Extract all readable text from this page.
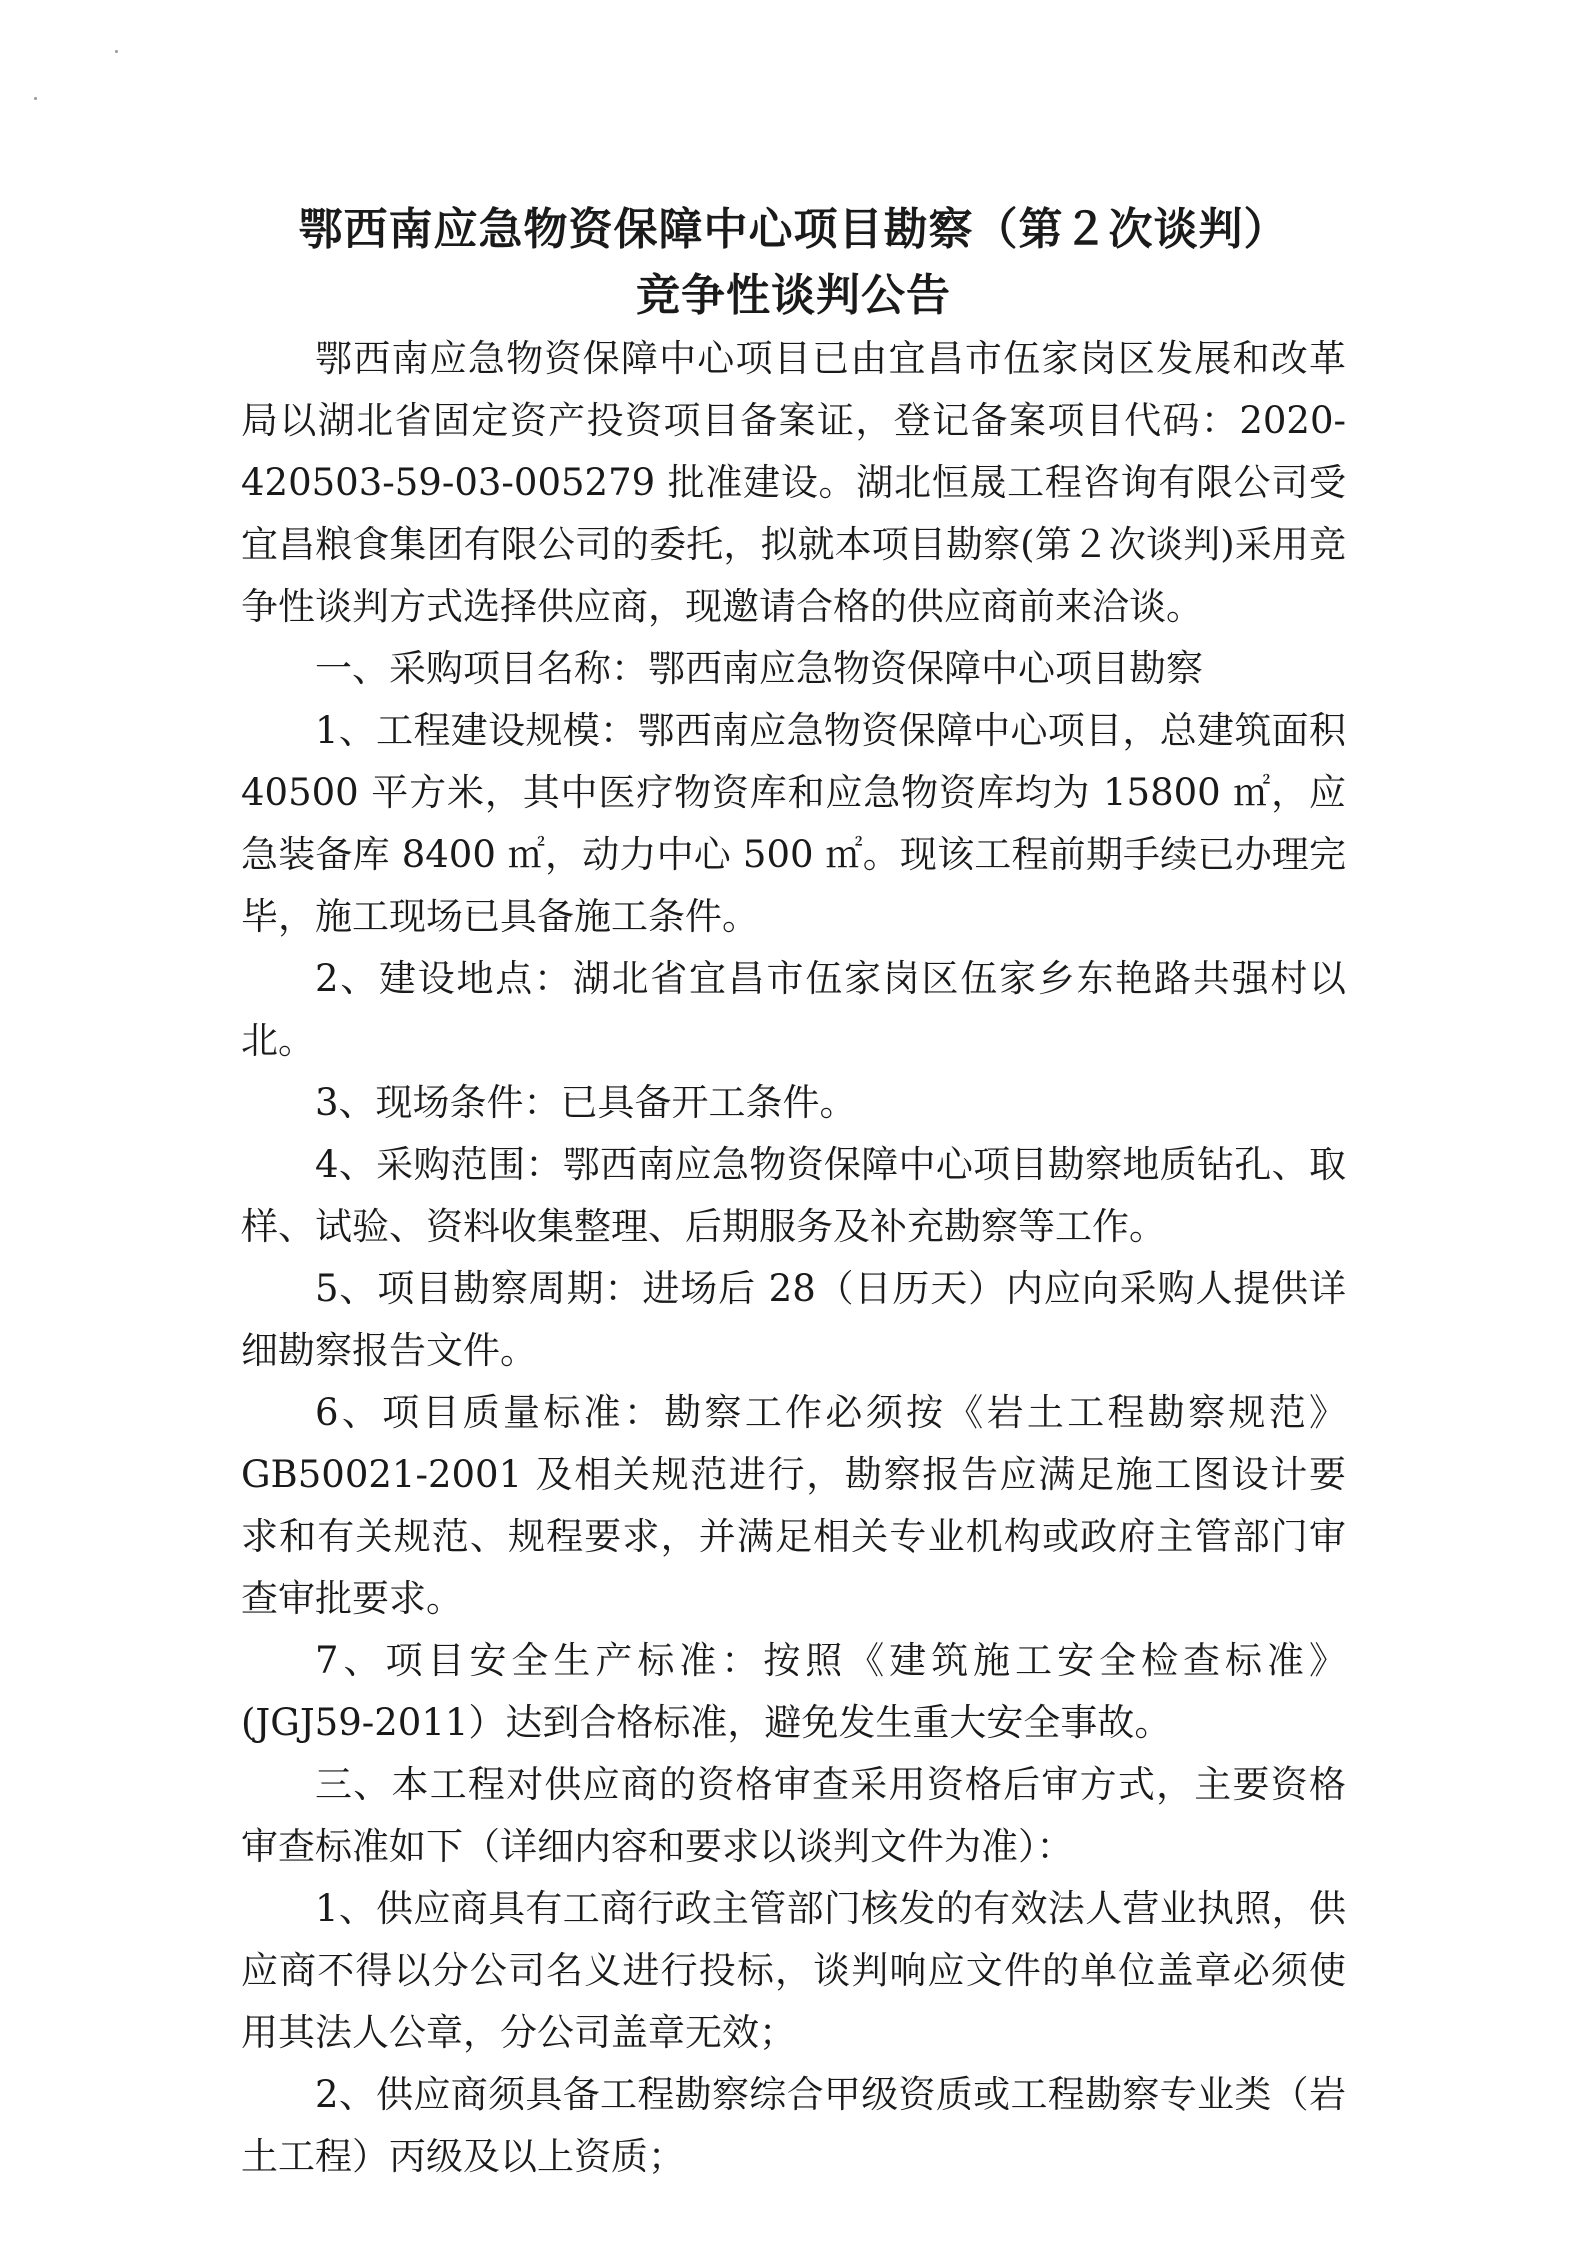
鄂西南应急物资保障中心项目勘察（第２次谈判）
竞争性谈判公告

鄂西南应急物资保障中心项目已由宜昌市伍家岗区发展和改革局以湖北省固定资产投资项目备案证，登记备案项目代码：2020-420503-59-03-005279 批准建设。湖北恒晟工程咨询有限公司受宜昌粮食集团有限公司的委托，拟就本项目勘察(第２次谈判)采用竞争性谈判方式选择供应商，现邀请合格的供应商前来洽谈。

一、采购项目名称：鄂西南应急物资保障中心项目勘察

1、工程建设规模：鄂西南应急物资保障中心项目，总建筑面积 40500 平方米，其中医疗物资库和应急物资库均为 15800 ㎡，应急装备库 8400 ㎡，动力中心 500 ㎡。现该工程前期手续已办理完毕，施工现场已具备施工条件。

2、建设地点：湖北省宜昌市伍家岗区伍家乡东艳路共强村以北。

3、现场条件：已具备开工条件。

4、采购范围：鄂西南应急物资保障中心项目勘察地质钻孔、取样、试验、资料收集整理、后期服务及补充勘察等工作。

5、项目勘察周期：进场后 28（日历天）内应向采购人提供详细勘察报告文件。

6、项目质量标准：勘察工作必须按《岩土工程勘察规范》GB50021-2001 及相关规范进行，勘察报告应满足施工图设计要求和有关规范、规程要求，并满足相关专业机构或政府主管部门审查审批要求。

7、项目安全生产标准：按照《建筑施工安全检查标准》(JGJ59-2011）达到合格标准，避免发生重大安全事故。

三、本工程对供应商的资格审查采用资格后审方式，主要资格审查标准如下（详细内容和要求以谈判文件为准）：

1、供应商具有工商行政主管部门核发的有效法人营业执照，供应商不得以分公司名义进行投标，谈判响应文件的单位盖章必须使用其法人公章，分公司盖章无效；

2、供应商须具备工程勘察综合甲级资质或工程勘察专业类（岩土工程）丙级及以上资质；
